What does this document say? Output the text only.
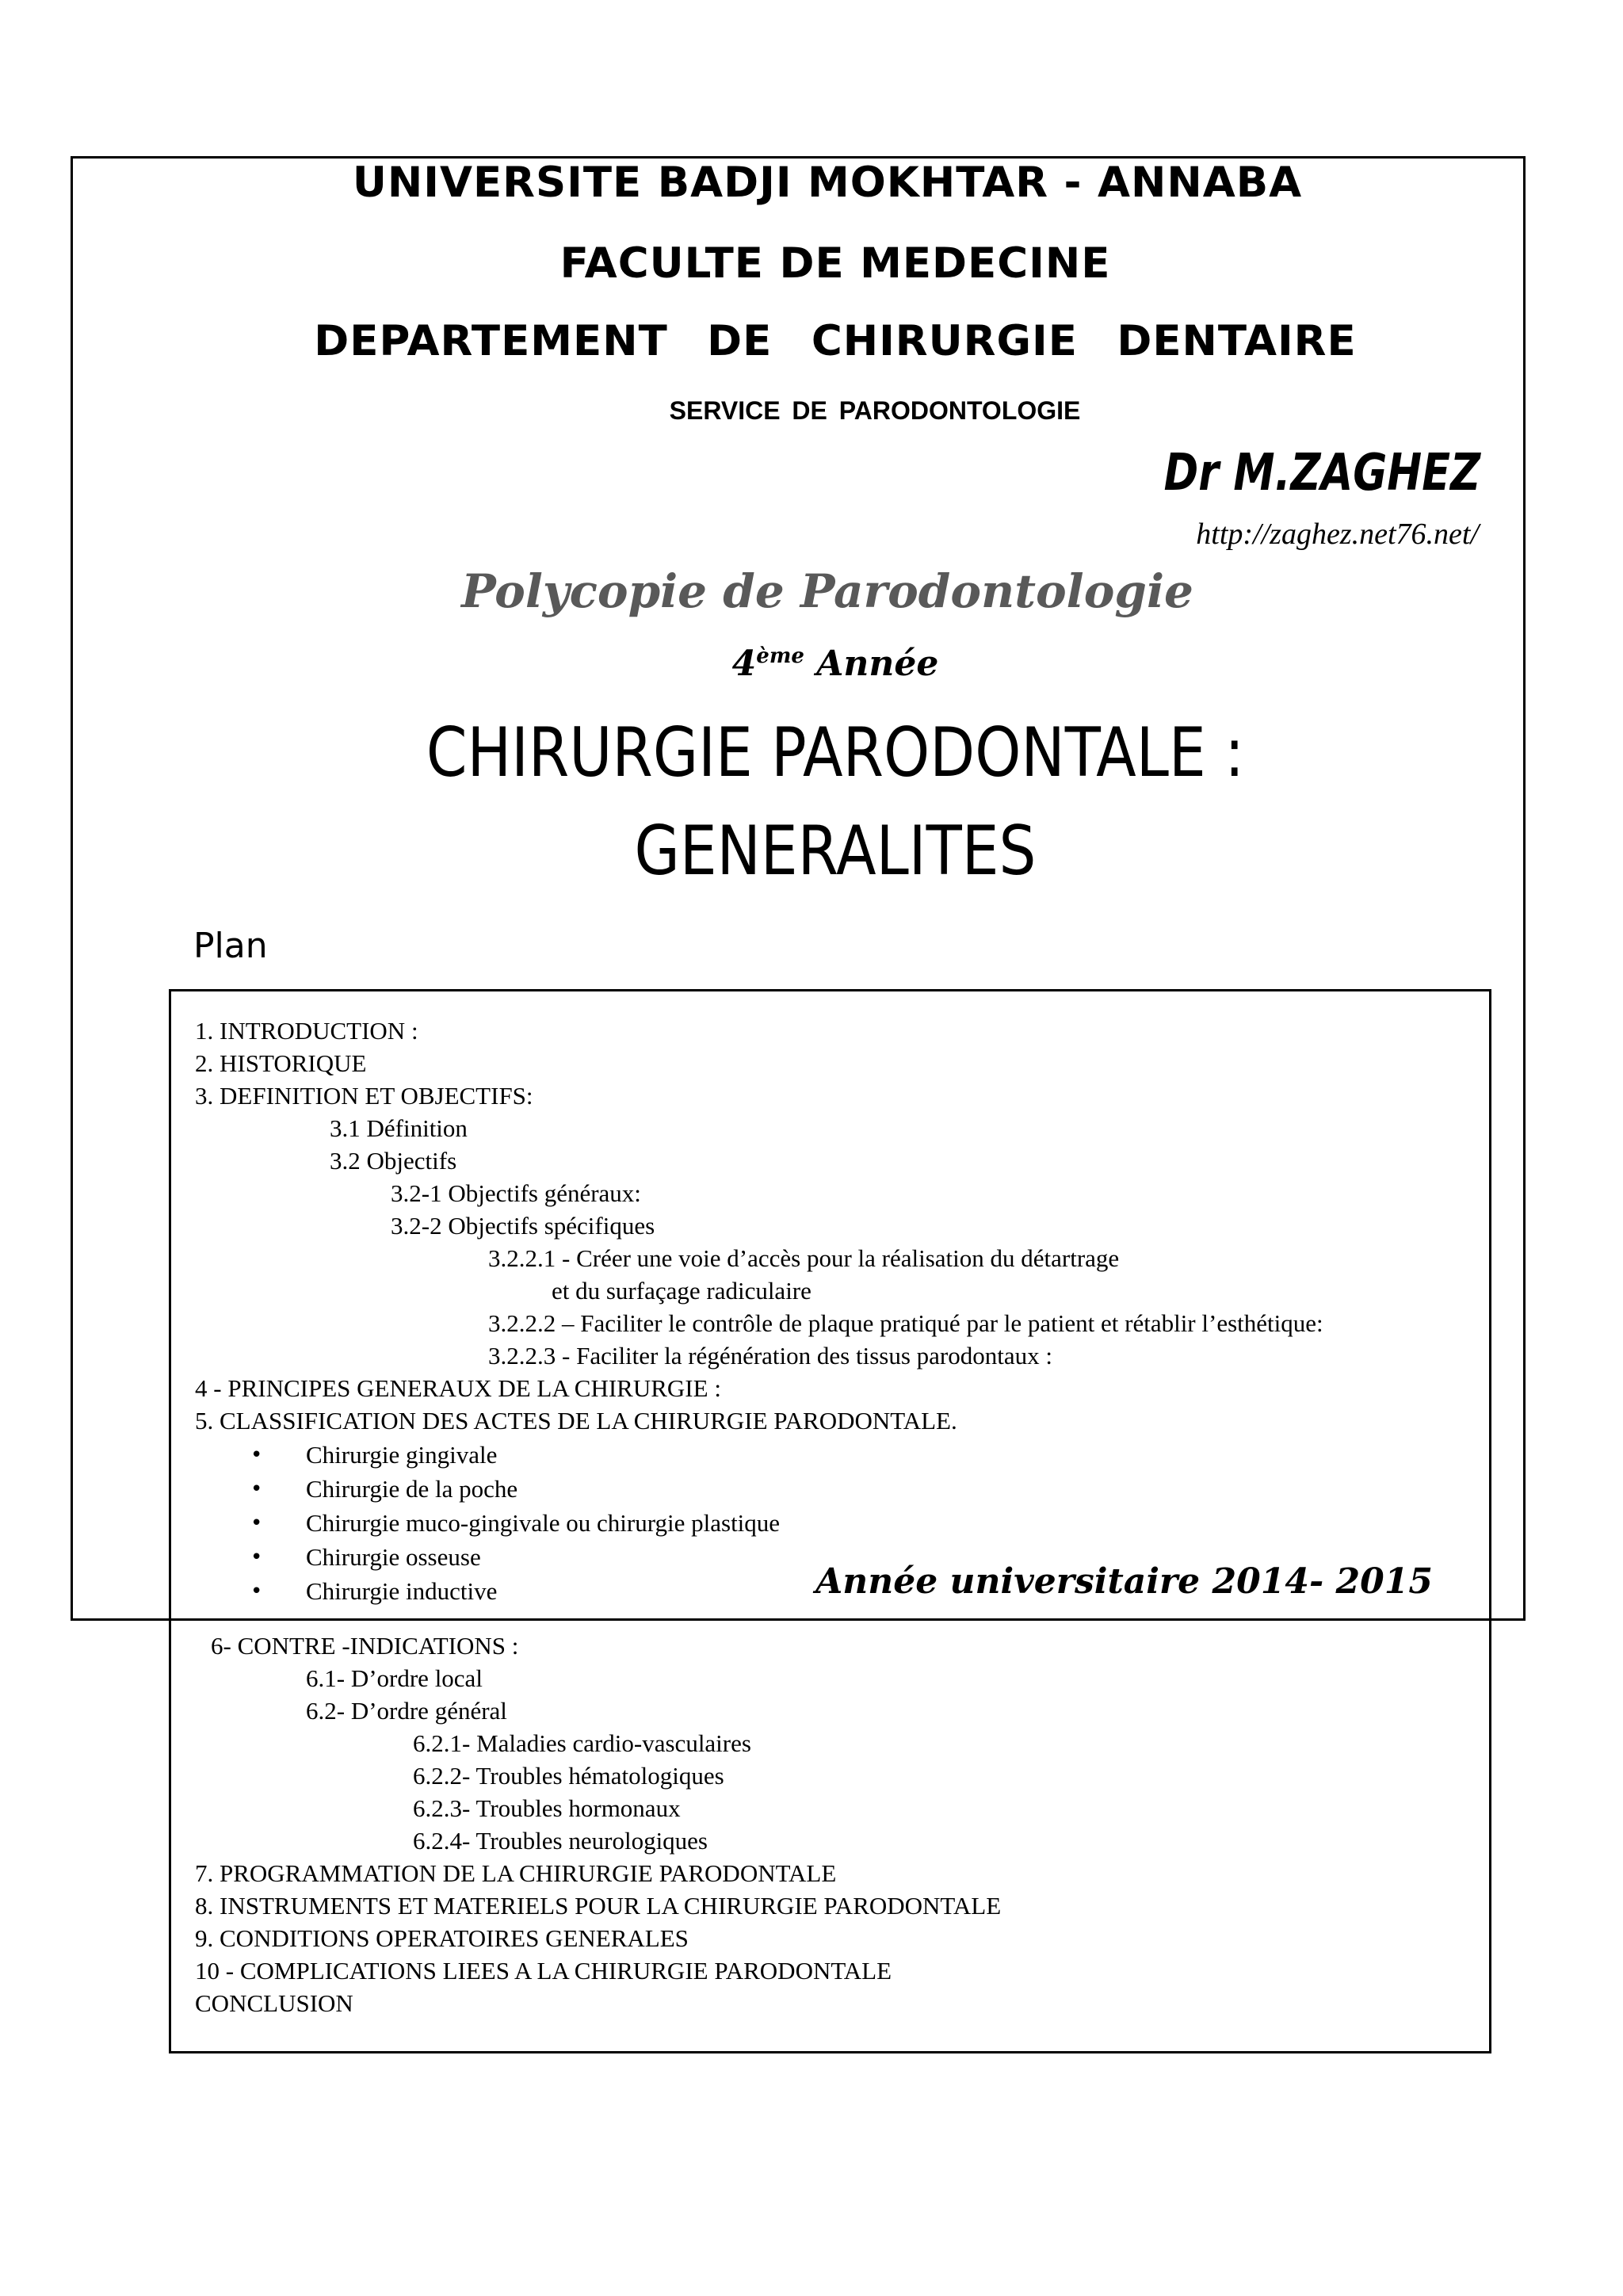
UNIVERSITE BADJI MOKHTAR - ANNABA
FACULTE DE MEDECINE
DEPARTEMENT DE CHIRURGIE DENTAIRE
SERVICE DE PARODONTOLOGIE
Dr M.ZAGHEZ
http://zaghez.net76.net/
Polycopie de Parodontologie
4ème Année
CHIRURGIE PARODONTALE :
GENERALITES
Plan
1. INTRODUCTION :
2. HISTORIQUE
3. DEFINITION ET OBJECTIFS:
3.1 Définition
3.2 Objectifs
3.2-1 Objectifs généraux:
3.2-2 Objectifs spécifiques
3.2.2.1 - Créer une voie d’accès pour la réalisation du détartrage
et du surfaçage radiculaire
3.2.2.2 – Faciliter le contrôle de plaque pratiqué par le patient et rétablir l’esthétique:
3.2.2.3 - Faciliter la régénération des tissus parodontaux :
4 - PRINCIPES GENERAUX DE LA CHIRURGIE :
5. CLASSIFICATION DES ACTES DE LA CHIRURGIE PARODONTALE.
Chirurgie gingivale
•
Chirurgie de la poche
•
Chirurgie muco-gingivale ou chirurgie plastique
•
Chirurgie osseuse
•
Chirurgie inductive
•
6- CONTRE -INDICATIONS :
6.1- D’ordre local
6.2- D’ordre général
6.2.1- Maladies cardio-vasculaires
6.2.2- Troubles hématologiques
6.2.3- Troubles hormonaux
6.2.4- Troubles neurologiques
7. PROGRAMMATION DE LA CHIRURGIE PARODONTALE
8. INSTRUMENTS ET MATERIELS POUR LA CHIRURGIE PARODONTALE
9. CONDITIONS OPERATOIRES GENERALES
10 - COMPLICATIONS LIEES A LA CHIRURGIE PARODONTALE
CONCLUSION
Année universitaire 2014- 2015
